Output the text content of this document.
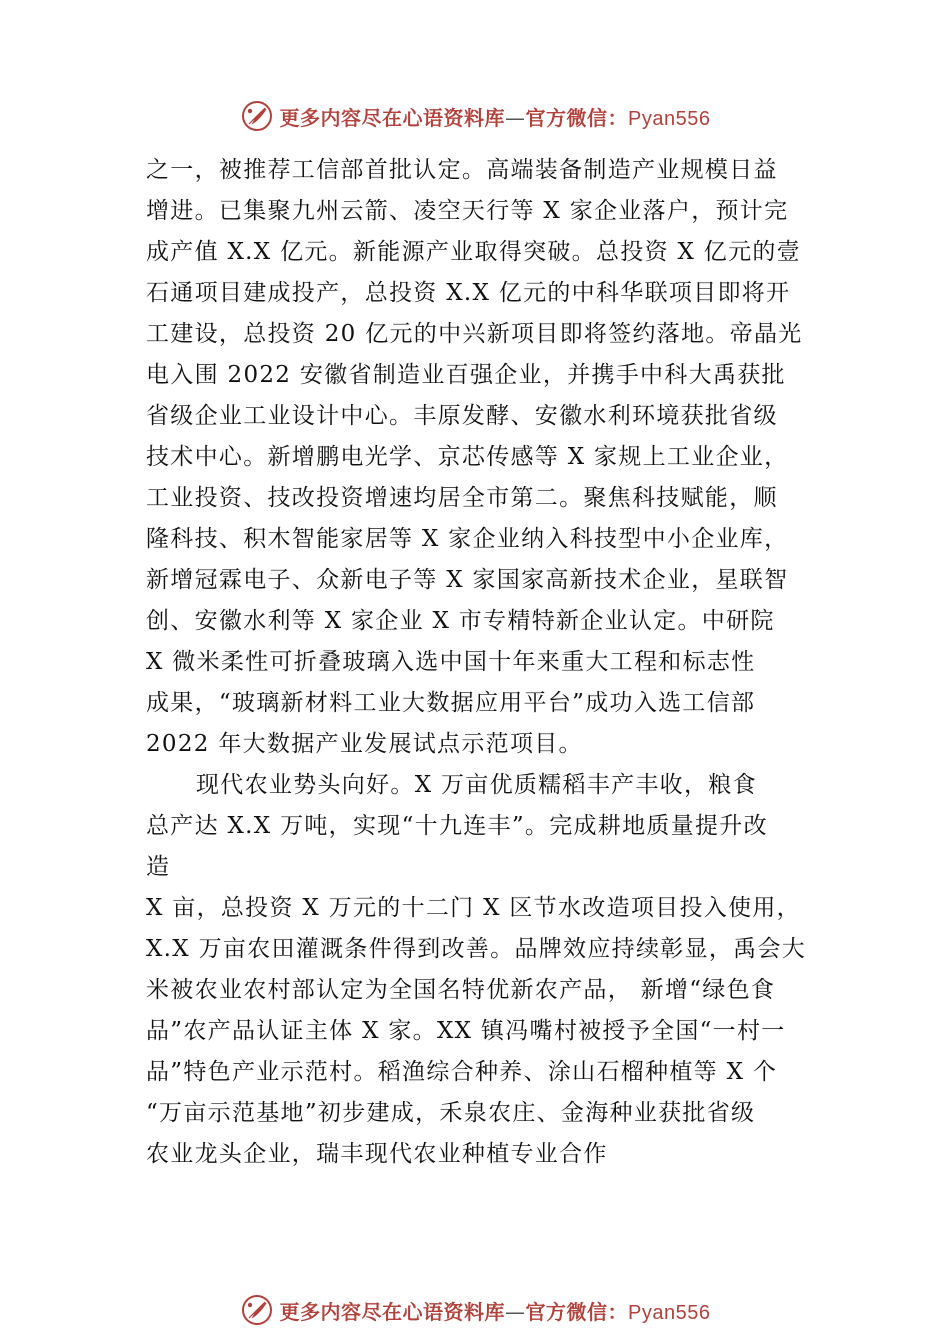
更多内容尽在心语资料库—官方微信：Pyan556
之一，被推荐工信部首批认定。高端装备制造产业规模日益
增进。已集聚九州云箭、凌空天行等 X 家企业落户，预计完
成产值 X.X 亿元。新能源产业取得突破。总投资 X 亿元的壹
石通项目建成投产，总投资 X.X 亿元的中科华联项目即将开
工建设，总投资 20 亿元的中兴新项目即将签约落地。帝晶光
电入围 2022 安徽省制造业百强企业，并携手中科大禹获批
省级企业工业设计中心。丰原发酵、安徽水利环境获批省级
技术中心。新增鹏电光学、京芯传感等 X 家规上工业企业，
工业投资、技改投资增速均居全市第二。聚焦科技赋能，顺
隆科技、积木智能家居等 X 家企业纳入科技型中小企业库，
新增冠霖电子、众新电子等 X 家国家高新技术企业，星联智
创、安徽水利等 X 家企业 X 市专精特新企业认定。中研院
X 微米柔性可折叠玻璃入选中国十年来重大工程和标志性
成果，“玻璃新材料工业大数据应用平台”成功入选工信部
2022 年大数据产业发展试点示范项目。
现代农业势头向好。X 万亩优质糯稻丰产丰收，粮食
总产达 X.X 万吨，实现“十九连丰”。完成耕地质量提升改
造
X 亩，总投资 X 万元的十二门 X 区节水改造项目投入使用，
X.X 万亩农田灌溉条件得到改善。品牌效应持续彰显，禹会大
米被农业农村部认定为全国名特优新农产品， 新增“绿色食
品”农产品认证主体 X 家。XX 镇冯嘴村被授予全国“一村一
品”特色产业示范村。稻渔综合种养、涂山石榴种植等 X 个
“万亩示范基地”初步建成，禾泉农庄、金海种业获批省级
农业龙头企业，瑞丰现代农业种植专业合作
更多内容尽在心语资料库—官方微信：Pyan556
